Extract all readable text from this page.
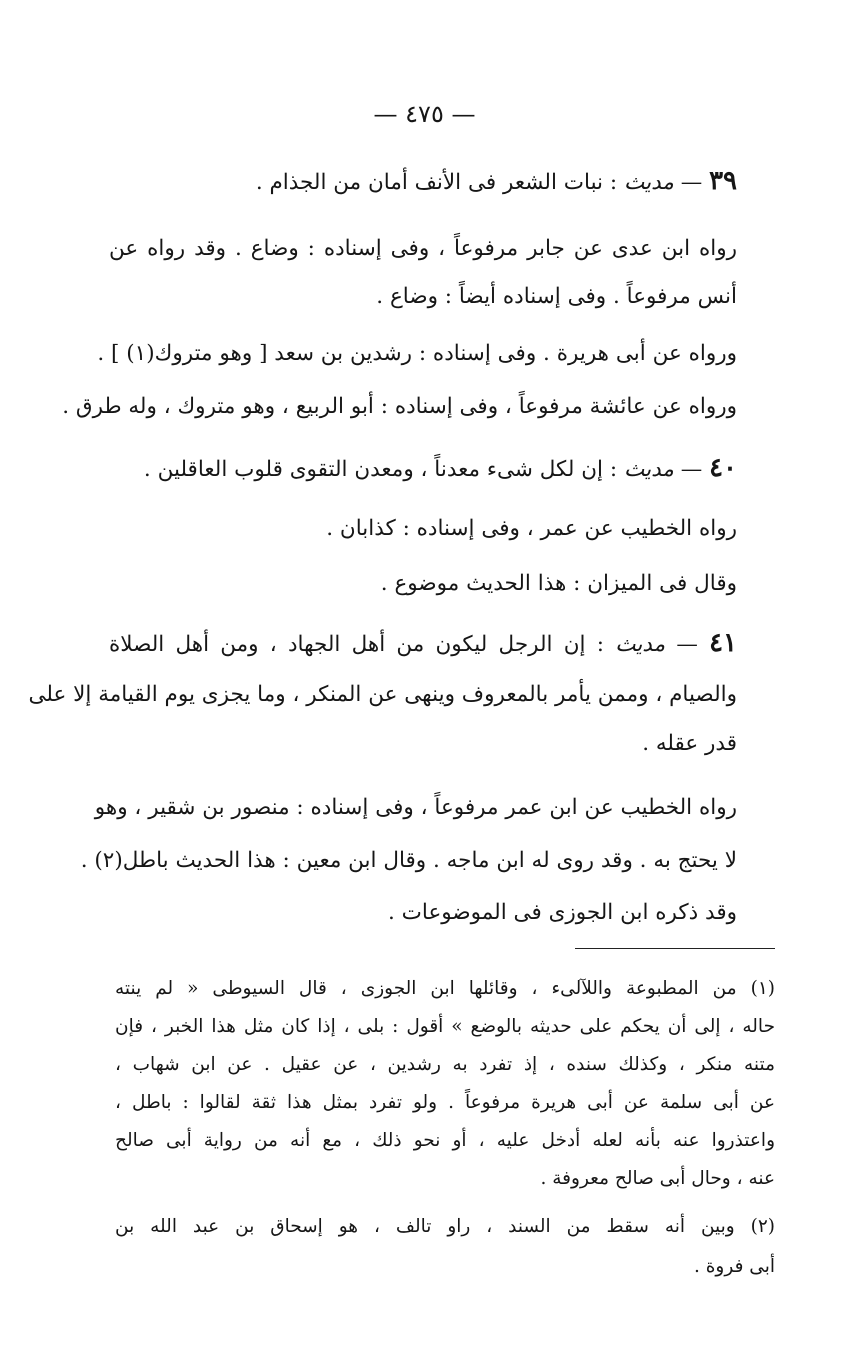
— ٤٧٥ —
٣٩ — مديث : نبات الشعر فى الأنف أمان من الجذام .
رواه ابن عدى عن جابر مرفوعاً ، وفى إسناده : وضاع . وقد رواه عن
أنس مرفوعاً . وفى إسناده أيضاً : وضاع .
ورواه عن أبى هريرة . وفى إسناده : رشدين بن سعد [ وهو متروك(١) ] .
ورواه عن عائشة مرفوعاً ، وفى إسناده : أبو الربيع ، وهو متروك ، وله طرق .
٤٠ — مديث : إن لكل شىء معدناً ، ومعدن التقوى قلوب العاقلين .
رواه الخطيب عن عمر ، وفى إسناده : كذابان .
وقال فى الميزان : هذا الحديث موضوع .
٤١ — مديث : إن الرجل ليكون من أهل الجهاد ، ومن أهل الصلاة
والصيام ، وممن يأمر بالمعروف وينهى عن المنكر ، وما يجزى يوم القيامة إلا على
قدر عقله .
رواه الخطيب عن ابن عمر مرفوعاً ، وفى إسناده : منصور بن شقير ، وهو
لا يحتج به . وقد روى له ابن ماجه . وقال ابن معين : هذا الحديث باطل(٢) .
وقد ذكره ابن الجوزى فى الموضوعات .
(١) من المطبوعة واللآلىء ، وقائلها ابن الجوزى ، قال السيوطى « لم ينته
حاله ، إلى أن يحكم على حديثه بالوضع » أقول : بلى ، إذا كان مثل هذا الخبر ، فإن
متنه منكر ، وكذلك سنده ، إذ تفرد به رشدين ، عن عقيل . عن ابن شهاب ،
عن أبى سلمة عن أبى هريرة مرفوعاً . ولو تفرد بمثل هذا ثقة لقالوا : باطل ،
واعتذروا عنه بأنه لعله أدخل عليه ، أو نحو ذلك ، مع أنه من رواية أبى صالح
عنه ، وحال أبى صالح معروفة .
(٢) وبين أنه سقط من السند ، راو تالف ، هو إسحاق بن عبد الله بن
أبى فروة .
